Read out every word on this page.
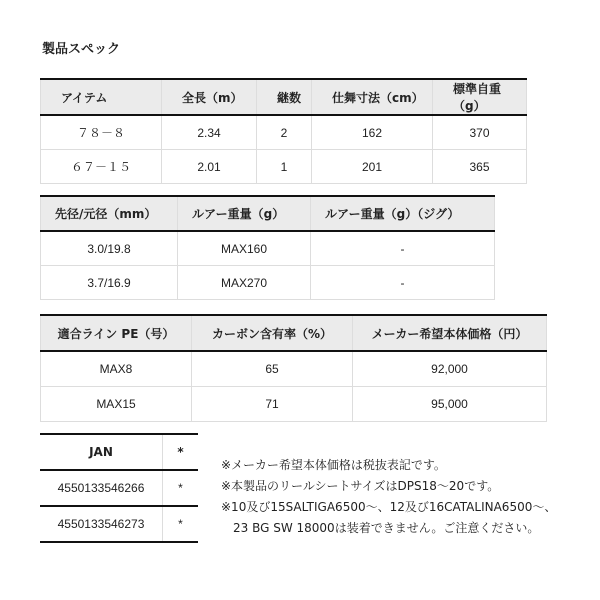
製品スペック
アイテム	全長（m）	継数	仕舞寸法（cm）	標準自重（g）
７８－８	2.34	2	162	370
６７－１５	2.01	1	201	365
先径/元径（mm）	ルアー重量（g）	ルアー重量（g）（ジグ）
3.0/19.8	MAX160	-
3.7/16.9	MAX270	-
適合ライン PE（号）	カーボン含有率（%）	メーカー希望本体価格（円）
MAX8	65	92,000
MAX15	71	95,000
JAN	*
4550133546266	*
4550133546273	*
※メーカー希望本体価格は税抜表記です。
※本製品のリールシートサイズはDPS18～20です。
※10及び15SALTIGA6500～、12及び16CATALINA6500～、
23 BG SW 18000は装着できません。ご注意ください。
